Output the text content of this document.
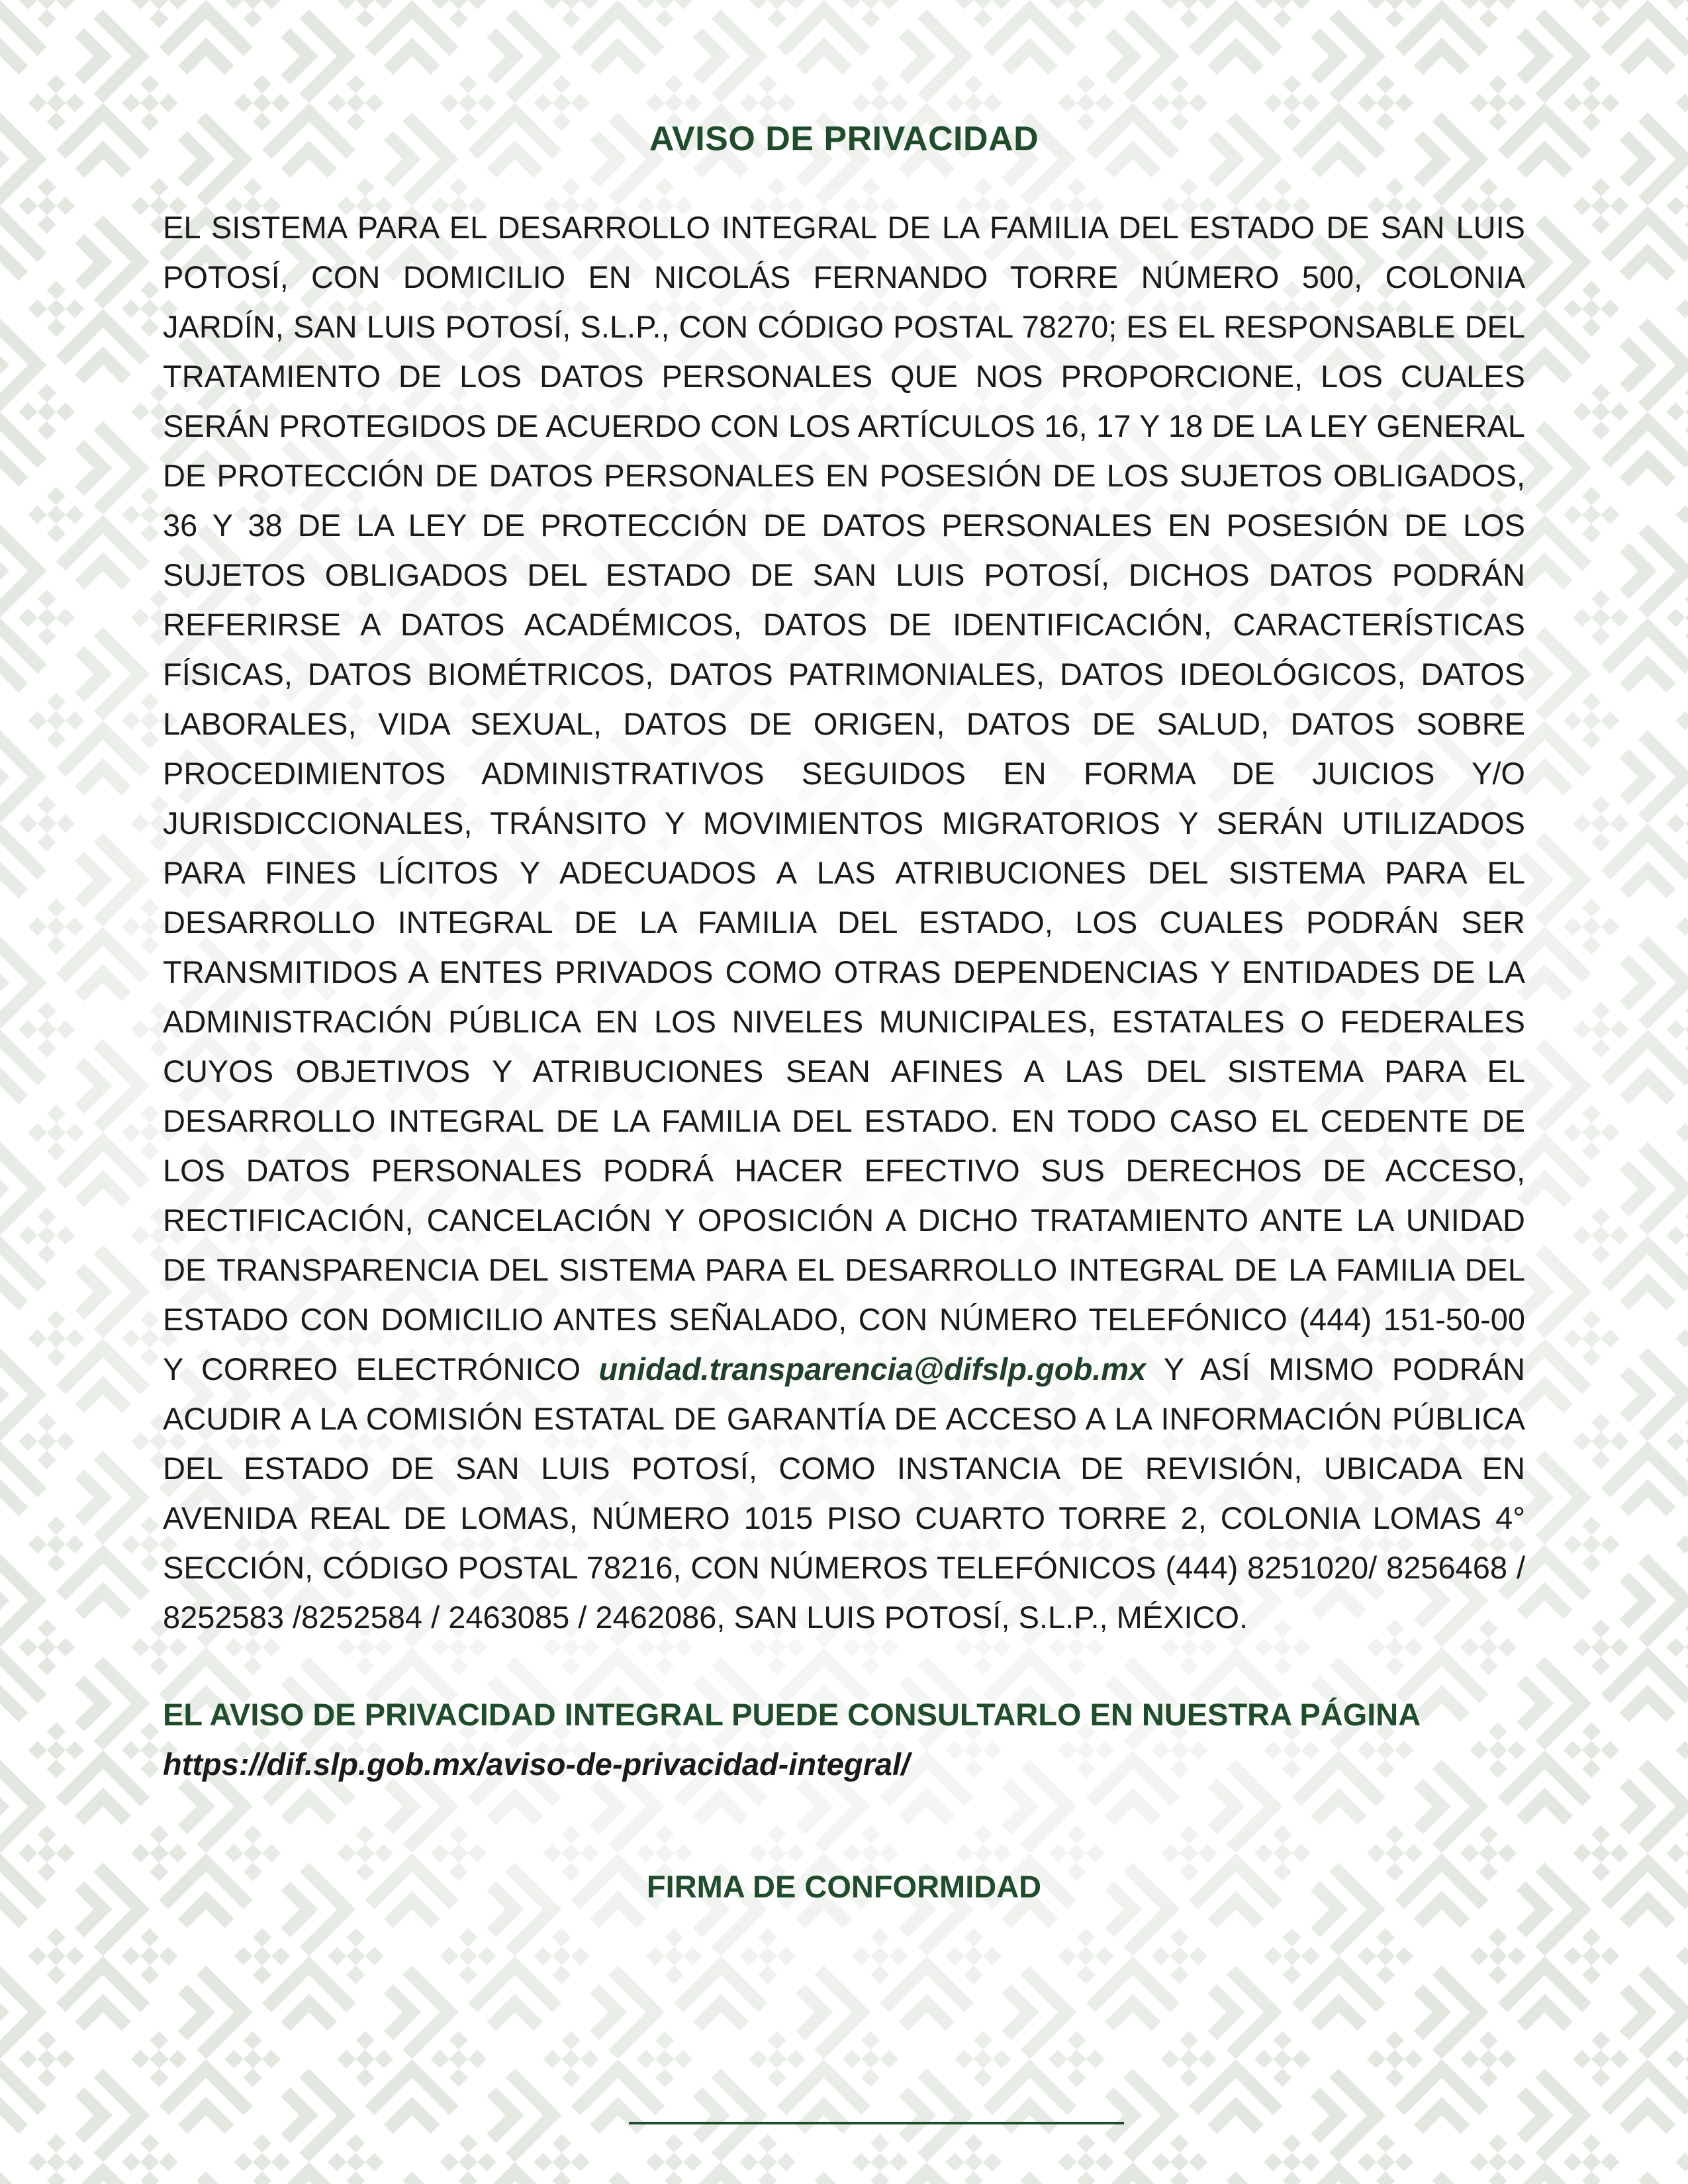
AVISO DE PRIVACIDAD

EL SISTEMA PARA EL DESARROLLO INTEGRAL DE LA FAMILIA DEL ESTADO DE SAN LUIS POTOSÍ, CON DOMICILIO EN NICOLÁS FERNANDO TORRE NÚMERO 500, COLONIA JARDÍN, SAN LUIS POTOSÍ, S.L.P., CON CÓDIGO POSTAL 78270; ES EL RESPONSABLE DEL TRATAMIENTO DE LOS DATOS PERSONALES QUE NOS PROPORCIONE, LOS CUALES SERÁN PROTEGIDOS DE ACUERDO CON LOS ARTÍCULOS 16, 17 Y 18 DE LA LEY GENERAL DE PROTECCIÓN DE DATOS PERSONALES EN POSESIÓN DE LOS SUJETOS OBLIGADOS, 36 Y 38 DE LA LEY DE PROTECCIÓN DE DATOS PERSONALES EN POSESIÓN DE LOS SUJETOS OBLIGADOS DEL ESTADO DE SAN LUIS POTOSÍ, DICHOS DATOS PODRÁN REFERIRSE A DATOS ACADÉMICOS, DATOS DE IDENTIFICACIÓN, CARACTERÍSTICAS FÍSICAS, DATOS BIOMÉTRICOS, DATOS PATRIMONIALES, DATOS IDEOLÓGICOS, DATOS LABORALES, VIDA SEXUAL, DATOS DE ORIGEN, DATOS DE SALUD, DATOS SOBRE PROCEDIMIENTOS ADMINISTRATIVOS SEGUIDOS EN FORMA DE JUICIOS Y/O JURISDICCIONALES, TRÁNSITO Y MOVIMIENTOS MIGRATORIOS Y SERÁN UTILIZADOS PARA FINES LÍCITOS Y ADECUADOS A LAS ATRIBUCIONES DEL SISTEMA PARA EL DESARROLLO INTEGRAL DE LA FAMILIA DEL ESTADO, LOS CUALES PODRÁN SER TRANSMITIDOS A ENTES PRIVADOS COMO OTRAS DEPENDENCIAS Y ENTIDADES DE LA ADMINISTRACIÓN PÚBLICA EN LOS NIVELES MUNICIPALES, ESTATALES O FEDERALES CUYOS OBJETIVOS Y ATRIBUCIONES SEAN AFINES A LAS DEL SISTEMA PARA EL DESARROLLO INTEGRAL DE LA FAMILIA DEL ESTADO. EN TODO CASO EL CEDENTE DE LOS DATOS PERSONALES PODRÁ HACER EFECTIVO SUS DERECHOS DE ACCESO, RECTIFICACIÓN, CANCELACIÓN Y OPOSICIÓN A DICHO TRATAMIENTO ANTE LA UNIDAD DE TRANSPARENCIA DEL SISTEMA PARA EL DESARROLLO INTEGRAL DE LA FAMILIA DEL ESTADO CON DOMICILIO ANTES SEÑALADO, CON NÚMERO TELEFÓNICO (444) 151-50-00 Y CORREO ELECTRÓNICO unidad.transparencia@difslp.gob.mx Y ASÍ MISMO PODRÁN ACUDIR A LA COMISIÓN ESTATAL DE GARANTÍA DE ACCESO A LA INFORMACIÓN PÚBLICA DEL ESTADO DE SAN LUIS POTOSÍ, COMO INSTANCIA DE REVISIÓN, UBICADA EN AVENIDA REAL DE LOMAS, NÚMERO 1015 PISO CUARTO TORRE 2, COLONIA LOMAS 4° SECCIÓN, CÓDIGO POSTAL 78216, CON NÚMEROS TELEFÓNICOS (444) 8251020/ 8256468 / 8252583 /8252584 / 2463085 / 2462086, SAN LUIS POTOSÍ, S.L.P., MÉXICO.

EL AVISO DE PRIVACIDAD INTEGRAL PUEDE CONSULTARLO EN NUESTRA PÁGINA
https://dif.slp.gob.mx/aviso-de-privacidad-integral/
FIRMA DE CONFORMIDAD
